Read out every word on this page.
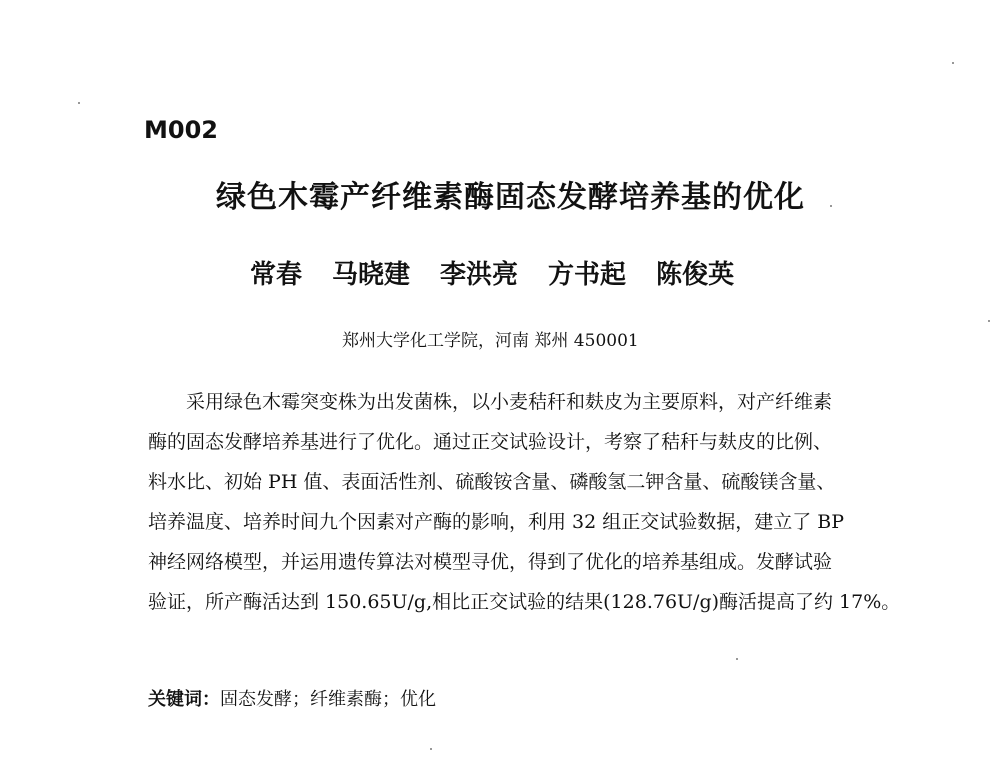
M002
绿色木霉产纤维素酶固态发酵培养基的优化
常春 马晓建 李洪亮 方书起 陈俊英
郑州大学化工学院，河南 郑州 450001
采用绿色木霉突变株为出发菌株，以小麦秸秆和麸皮为主要原料，对产纤维素
酶的固态发酵培养基进行了优化。通过正交试验设计，考察了秸秆与麸皮的比例、
料水比、初始 PH 值、表面活性剂、硫酸铵含量、磷酸氢二钾含量、硫酸镁含量、
培养温度、培养时间九个因素对产酶的影响，利用 32 组正交试验数据，建立了 BP
神经网络模型，并运用遗传算法对模型寻优，得到了优化的培养基组成。发酵试验
验证，所产酶活达到 150.65U/g,相比正交试验的结果(128.76U/g)酶活提高了约 17%。
关键词：固态发酵；纤维素酶；优化
